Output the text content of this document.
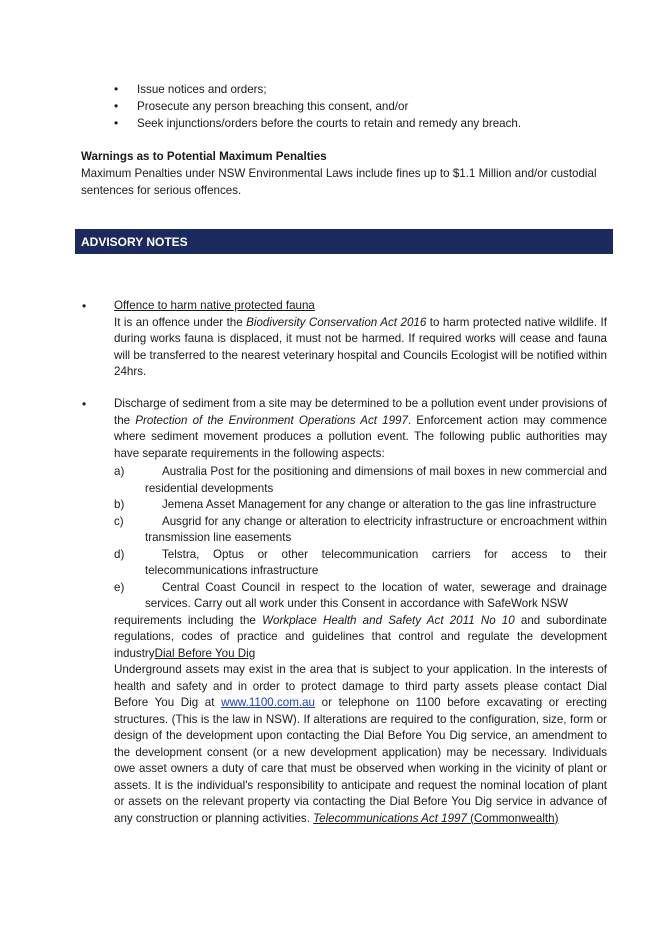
• Issue notices and orders;
• Prosecute any person breaching this consent, and/or
• Seek injunctions/orders before the courts to retain and remedy any breach.
Warnings as to Potential Maximum Penalties
Maximum Penalties under NSW Environmental Laws include fines up to $1.1 Million and/or custodial sentences for serious offences.
ADVISORY NOTES
• Offence to harm native protected fauna
It is an offence under the Biodiversity Conservation Act 2016 to harm protected native wildlife. If during works fauna is displaced, it must not be harmed. If required works will cease and fauna will be transferred to the nearest veterinary hospital and Councils Ecologist will be notified within 24hrs.
• Discharge of sediment from a site may be determined to be a pollution event under provisions of the Protection of the Environment Operations Act 1997. Enforcement action may commence where sediment movement produces a pollution event. The following public authorities may have separate requirements in the following aspects:
a)	Australia Post for the positioning and dimensions of mail boxes in new commercial and residential developments
b)	Jemena Asset Management for any change or alteration to the gas line infrastructure
c)	Ausgrid for any change or alteration to electricity infrastructure or encroachment within transmission line easements
d)	Telstra, Optus or other telecommunication carriers for access to their telecommunications infrastructure
e)	Central Coast Council in respect to the location of water, sewerage and drainage services. Carry out all work under this Consent in accordance with SafeWork NSW
requirements including the Workplace Health and Safety Act 2011 No 10 and subordinate regulations, codes of practice and guidelines that control and regulate the development industryDial Before You Dig
Underground assets may exist in the area that is subject to your application. In the interests of health and safety and in order to protect damage to third party assets please contact Dial Before You Dig at www.1100.com.au or telephone on 1100 before excavating or erecting structures. (This is the law in NSW). If alterations are required to the configuration, size, form or design of the development upon contacting the Dial Before You Dig service, an amendment to the development consent (or a new development application) may be necessary. Individuals owe asset owners a duty of care that must be observed when working in the vicinity of plant or assets. It is the individual's responsibility to anticipate and request the nominal location of plant or assets on the relevant property via contacting the Dial Before You Dig service in advance of any construction or planning activities. Telecommunications Act 1997 (Commonwealth)
